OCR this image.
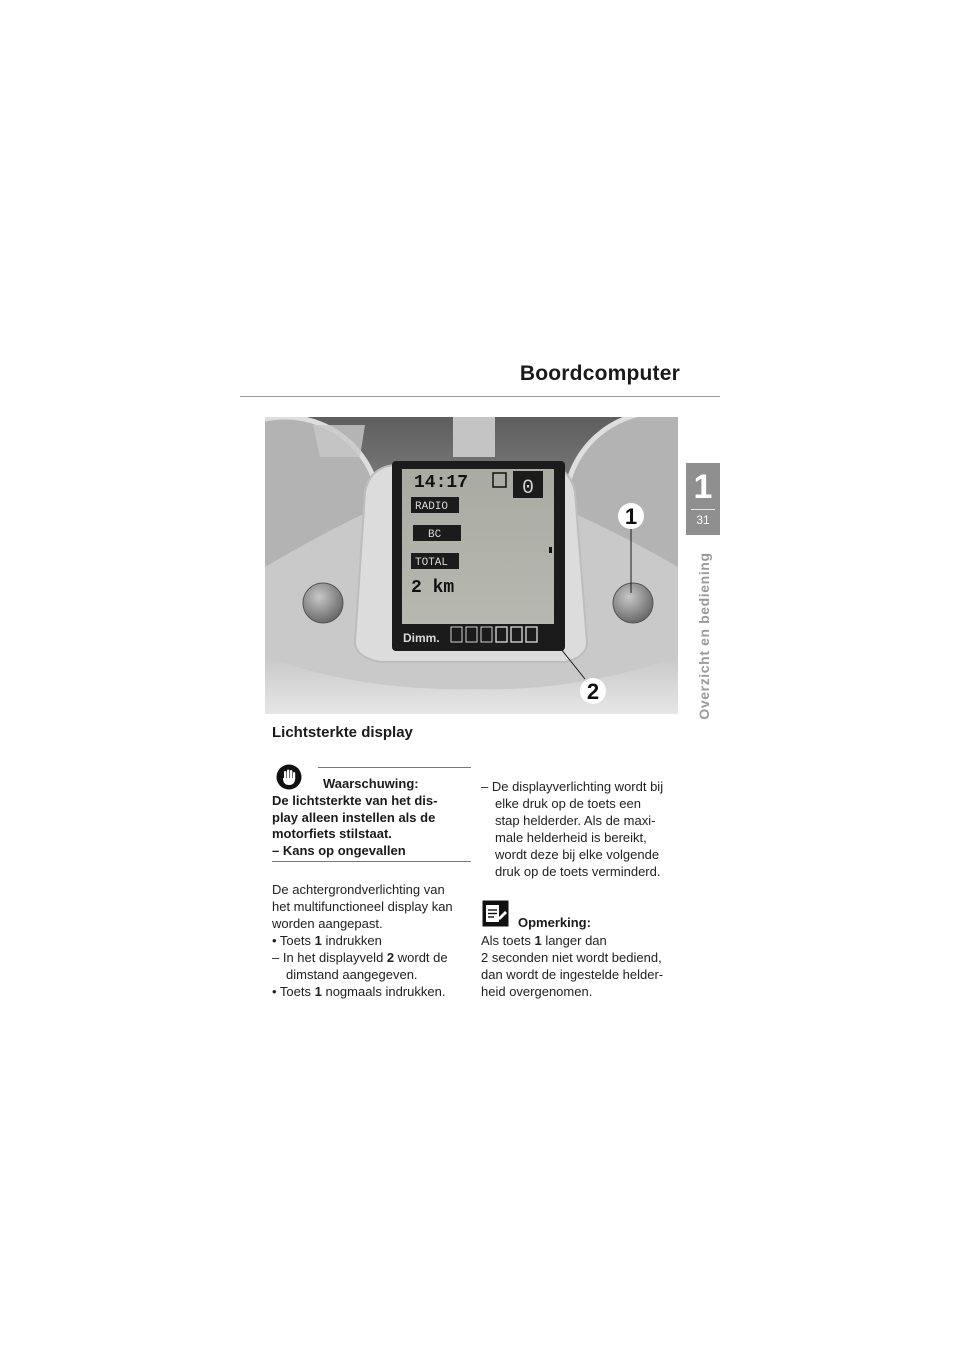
Boordcomputer
1
31
Overzicht en bediening
14:17	0
RADIO
BC
TOTAL
2 km
Dimm.
1
2
Lichtsterkte display
Waarschuwing:
De lichtsterkte van het dis-
play alleen instellen als de
motorfiets stilstaat.
– Kans op ongevallen
De achtergrondverlichting van
het multifunctioneel display kan
worden aangepast.
• Toets 1 indrukken
– In het displayveld 2 wordt de
dimstand aangegeven.
• Toets 1 nogmaals indrukken.
– De displayverlichting wordt bij
elke druk op de toets een
stap helderder. Als de maxi-
male helderheid is bereikt,
wordt deze bij elke volgende
druk op de toets verminderd.
Opmerking:
Als toets 1 langer dan
2 seconden niet wordt bediend,
dan wordt de ingestelde helder-
heid overgenomen.
